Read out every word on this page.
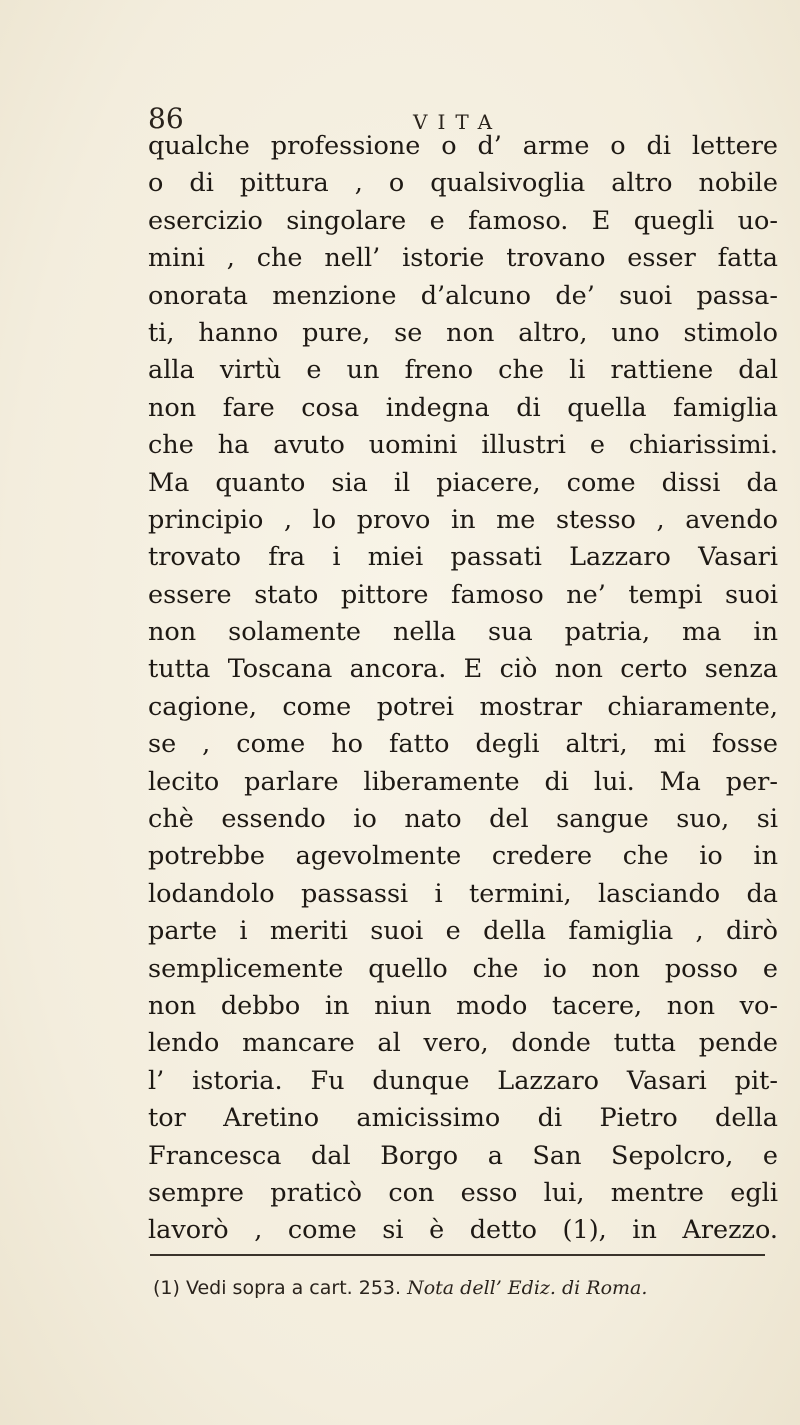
86	VITA
qualche professione o d’ arme o di lettere
o di pittura , o qualsivoglia altro nobile
esercizio singolare e famoso. E quegli uo-
mini , che nell’ istorie trovano esser fatta
onorata menzione d’alcuno de’ suoi passa-
ti, hanno pure, se non altro, uno stimolo
alla virtù e un freno che li rattiene dal
non fare cosa indegna di quella famiglia
che ha avuto uomini illustri e chiarissimi.
Ma quanto sia il piacere, come dissi da
principio , lo provo in me stesso , avendo
trovato fra i miei passati Lazzaro Vasari
essere stato pittore famoso ne’ tempi suoi
non solamente nella sua patria, ma in
tutta Toscana ancora. E ciò non certo senza
cagione, come potrei mostrar chiaramente,
se , come ho fatto degli altri, mi fosse
lecito parlare liberamente di lui. Ma per-
chè essendo io nato del sangue suo, si
potrebbe agevolmente credere che io in
lodandolo passassi i termini, lasciando da
parte i meriti suoi e della famiglia , dirò
semplicemente quello che io non posso e
non debbo in niun modo tacere, non vo-
lendo mancare al vero, donde tutta pende
l’ istoria. Fu dunque Lazzaro Vasari pit-
tor Aretino amicissimo di Pietro della
Francesca dal Borgo a San Sepolcro, e
sempre praticò con esso lui, mentre egli
lavorò , come si è detto (1), in Arezzo.
(1) Vedi sopra a cart. 253. Nota dell’ Ediz. di Roma.
